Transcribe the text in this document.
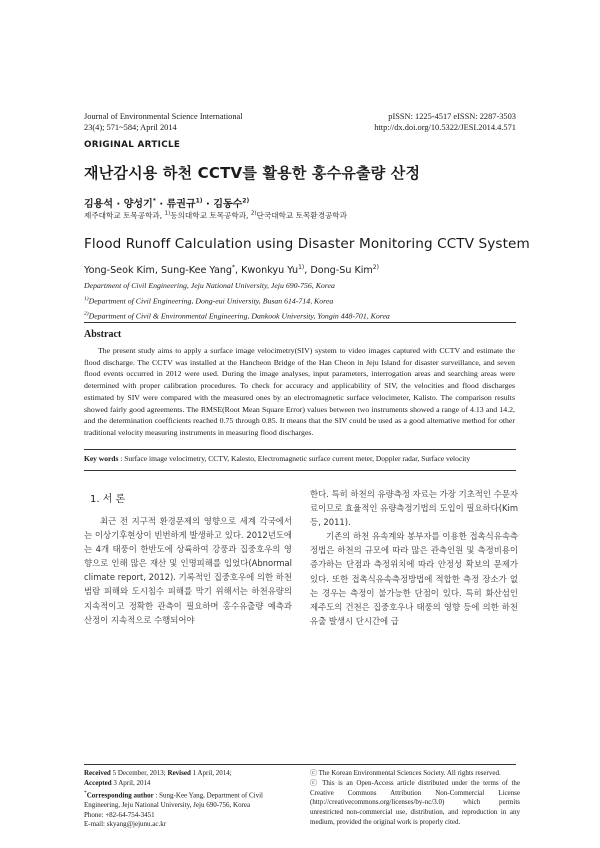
Journal of Environmental Science International
23(4); 571~584; April 2014
pISSN: 1225-4517 eISSN: 2287-3503
http://dx.doi.org/10.5322/JESI.2014.4.571
ORIGINAL ARTICLE
재난감시용 하천 CCTV를 활용한 홍수유출량 산정
김용석 · 양성기* · 류권규$^{1)}$ · 김동수$^{2)}$
제주대학교 토목공학과, $^{1)}$동의대학교 토목공학과, $^{2)}$단국대학교 토목환경공학과
Flood Runoff Calculation using Disaster Monitoring CCTV System
Yong-Seok Kim, Sung-Kee Yang*, Kwonkyu Yu$^{1)}$, Dong-Su Kim$^{2)}$
Department of Civil Engineering, Jeju National University, Jeju 690-756, Korea
$^{1)}$Department of Civil Engineering, Dong-eui University, Busan 614-714, Korea
$^{2)}$Department of Civil & Environmental Engineering, Dankook University, Yongin 448-701, Korea
Abstract
The present study aims to apply a surface image velocimetry(SIV) system to video images captured with CCTV and estimate the flood discharge. The CCTV was installed at the Hancheon Bridge of the Han Cheon in Jeju Island for disaster surveillance, and seven flood events occurred in 2012 were used. During the image analyses, input parameters, interrogation areas and searching areas were determined with proper calibration procedures. To check for accuracy and applicability of SIV, the velocities and flood discharges estimated by SIV were compared with the measured ones by an electromagnetic surface velocimeter, Kalisto. The comparison results showed fairly good agreements. The RMSE(Root Mean Square Error) values between two instruments showed a range of 4.13 and 14.2, and the determination coefficients reached 0.75 through 0.85. It means that the SIV could be used as a good alternative method for other traditional velocity measuring instruments in measuring flood discharges.
Key words : Surface image velocimetry, CCTV, Kalesto, Electromagnetic surface current meter, Doppler radar, Surface velocity
1. 서 론

최근 전 지구적 환경문제의 영향으로 세계 각국에서는 이상기후현상이 빈번하게 발생하고 있다. 2012년도에는 4개 태풍이 한반도에 상륙하여 강풍과 집중호우의 영향으로 인해 많은 재산 및 인명피해를 입었다(Abnormal climate report, 2012). 기록적인 집중호우에 의한 하천범람 피해와 도시침수 피해를 막기 위해서는 하천유량의 지속적이고 정확한 관측이 필요하며 홍수유출량 예측과 산정이 지속적으로 수행되어야

한다. 특히 하천의 유량측정 자료는 가장 기초적인 수문자료이므로 효율적인 유량측정기법의 도입이 필요하다(Kim 등, 2011).

기존의 하천 유속계와 봉부자를 이용한 접촉식유속측정법은 하천의 규모에 따라 많은 관측인원 및 측정비용이 증가하는 단점과 측정위치에 따라 안정성 확보의 문제가 있다. 또한 접촉식유속측정방법에 적합한 측정 장소가 없는 경우는 측정이 불가능한 단점이 있다. 특히 화산섬인 제주도의 건천은 집중호우나 태풍의 영향 등에 의한 하천유출 발생시 단시간에 급

Received 5 December, 2013; Revised 1 April, 2014;
Accepted 3 April, 2014
*Corresponding author : Sung-Kee Yang, Department of Civil Engineering, Jeju National University, Jeju 690-756, Korea
Phone: +82-64-754-3451
E-mail: skyang@jejunu.ac.kr
ⓒ The Korean Environmental Sciences Society. All rights reserved.
ⓒ This is an Open-Access article distributed under the terms of the Creative Commons Attribution Non-Commercial License (http://creativecommons.org/licenses/by-nc/3.0) which permits unrestricted non-commercial use, distribution, and reproduction in any medium, provided the original work is properly cited.
